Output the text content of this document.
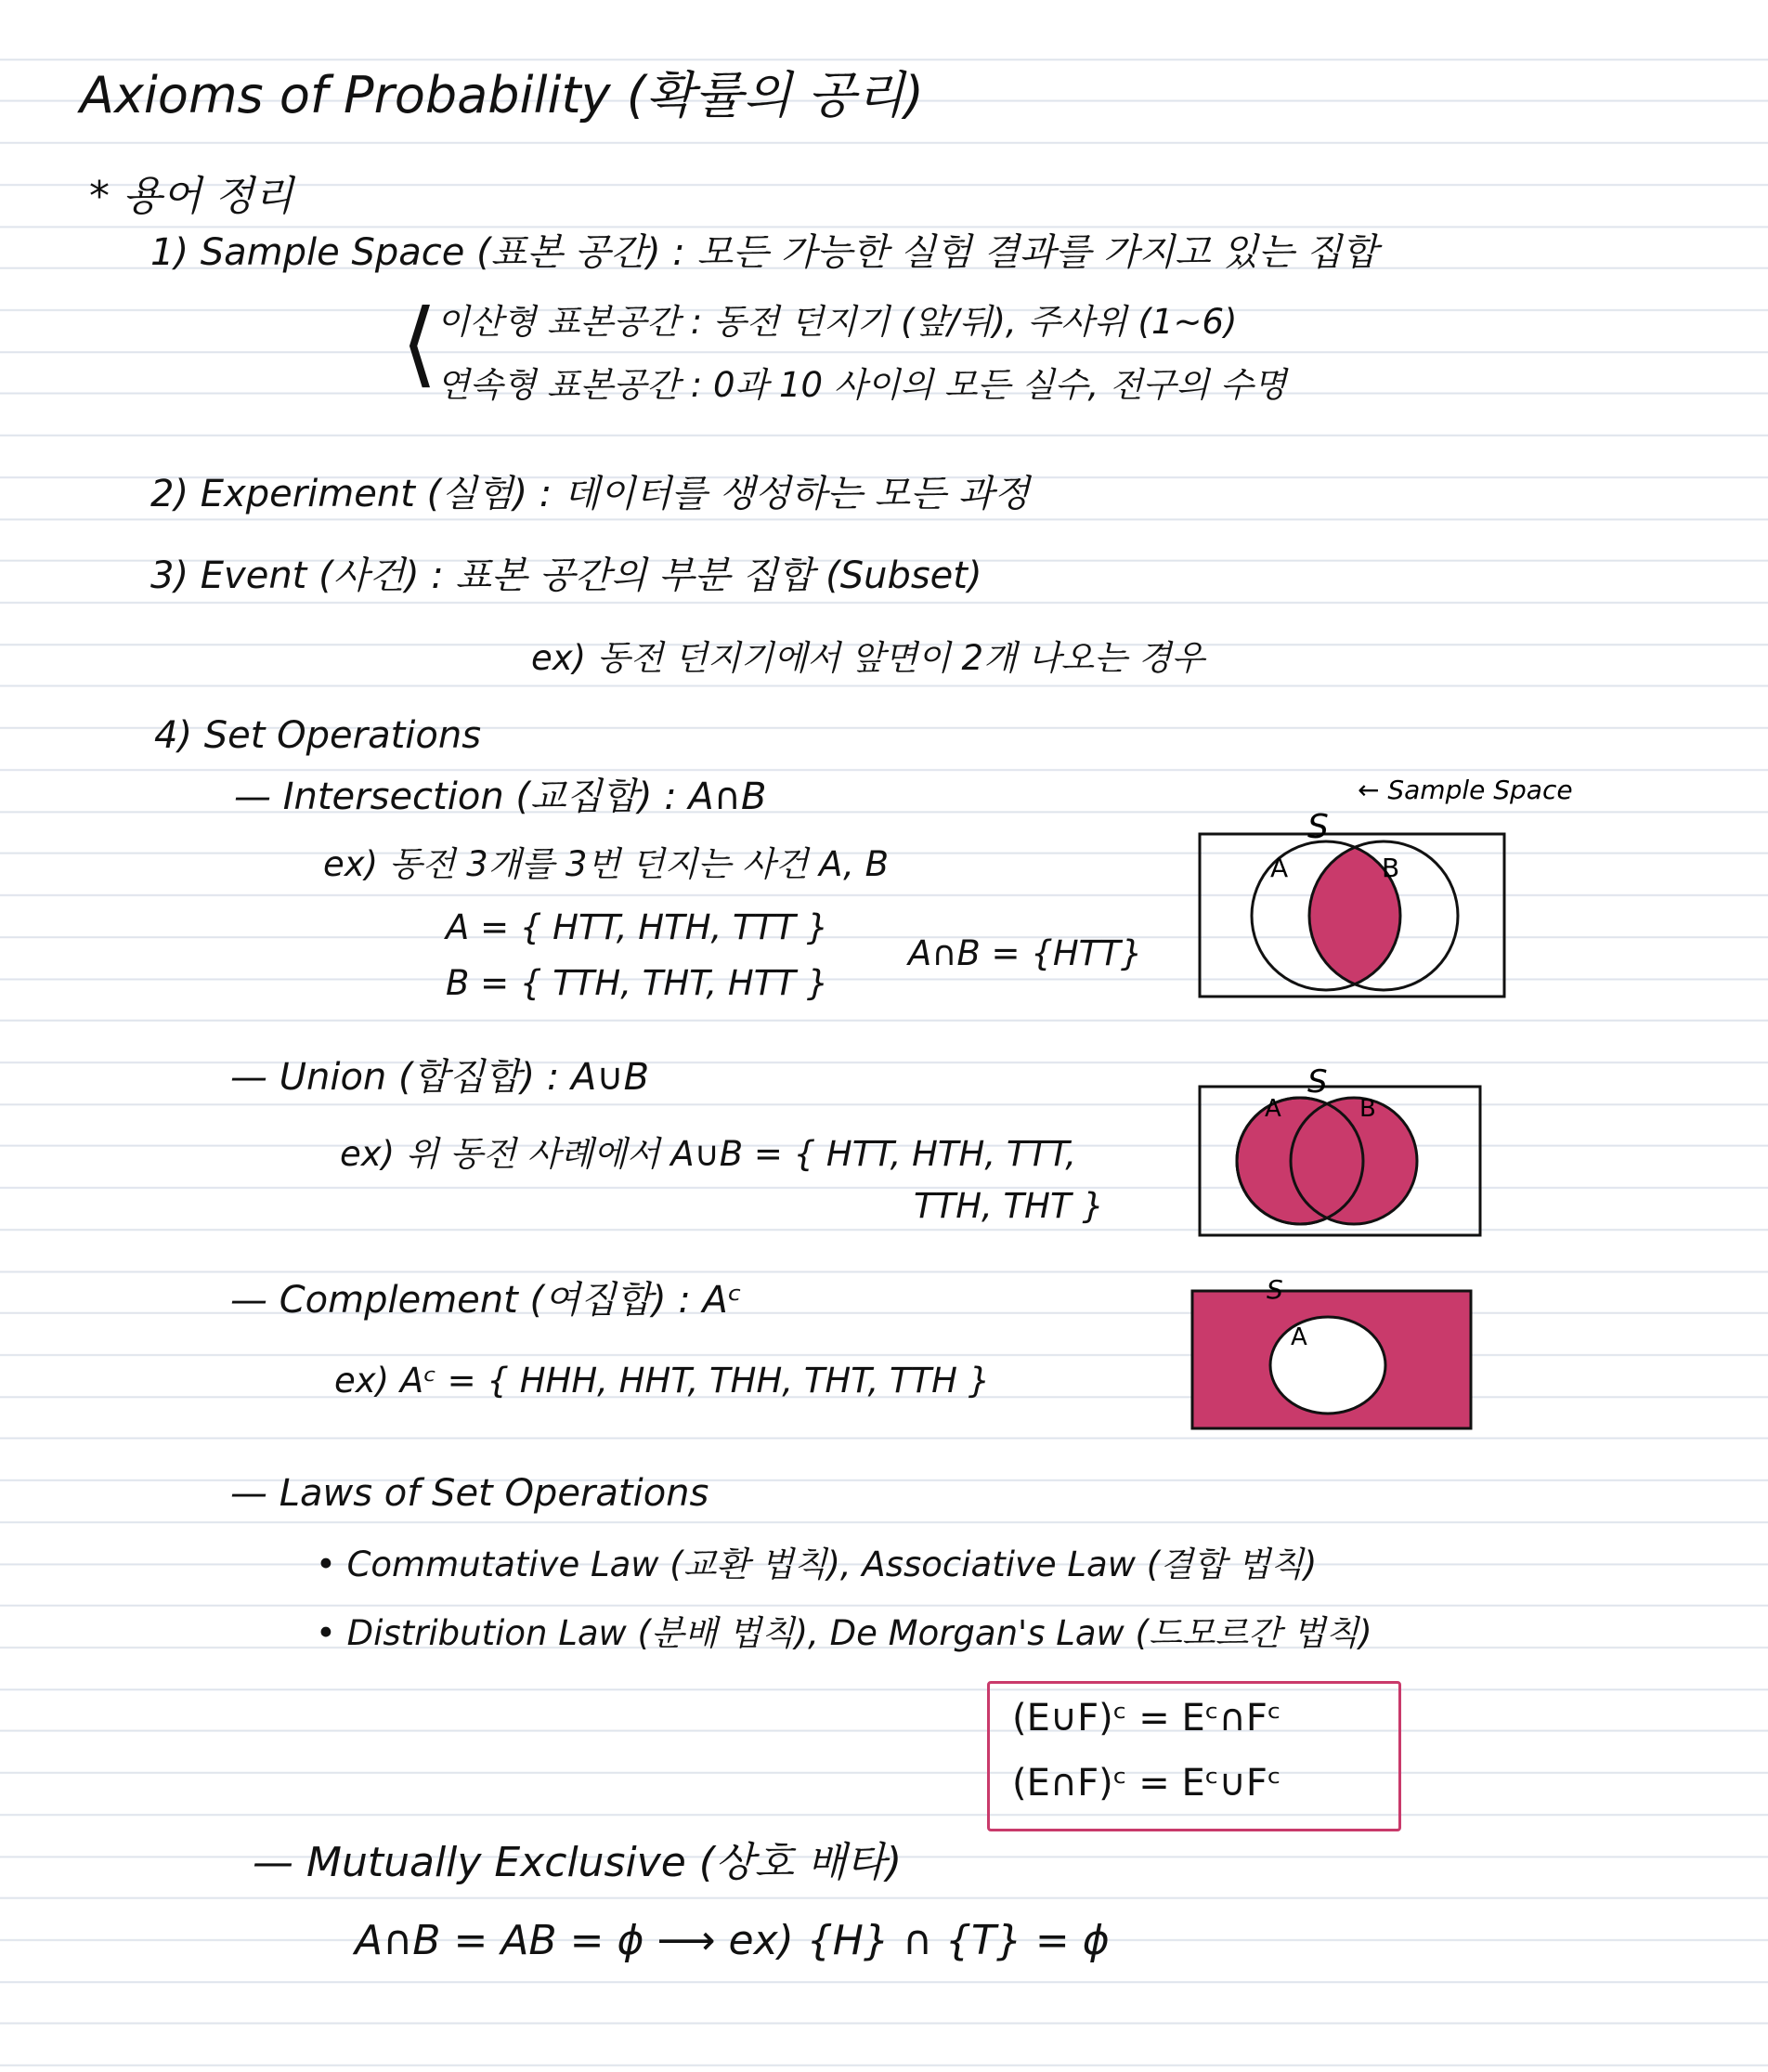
Axioms of Probability (확률의 공리)
* 용어 정리
1) Sample Space (표본 공간) : 모든 가능한 실험 결과를 가지고 있는 집합
⟨
이산형 표본공간 : 동전 던지기 (앞/뒤), 주사위 (1~6)
연속형 표본공간 : 0과 10 사이의 모든 실수, 전구의 수명
2) Experiment (실험) : 데이터를 생성하는 모든 과정
3) Event (사건) : 표본 공간의 부분 집합 (Subset)
ex) 동전 던지기에서 앞면이 2개 나오는 경우
4) Set Operations
— Intersection (교집합) : A∩B
ex) 동전 3개를 3번 던지는 사건 A, B
A = { HTT, HTH, TTT }
B = { TTH, THT, HTT }
A∩B = {HTT}
A	B
S
← Sample Space
— Union (합집합) : A∪B
ex) 위 동전 사례에서 A∪B = { HTT, HTH, TTT,
TTH, THT }
A	B
S
— Complement (여집합) : Aᶜ
ex) Aᶜ = { HHH, HHT, THH, THT, TTH }
A
S
— Laws of Set Operations
• Commutative Law (교환 법칙), Associative Law (결합 법칙)
• Distribution Law (분배 법칙), De Morgan's Law (드모르간 법칙)
(E∪F)ᶜ = Eᶜ∩Fᶜ
(E∩F)ᶜ = Eᶜ∪Fᶜ
— Mutually Exclusive (상호 배타)
A∩B = AB = ϕ ⟶ ex) {H} ∩ {T} = ϕ
